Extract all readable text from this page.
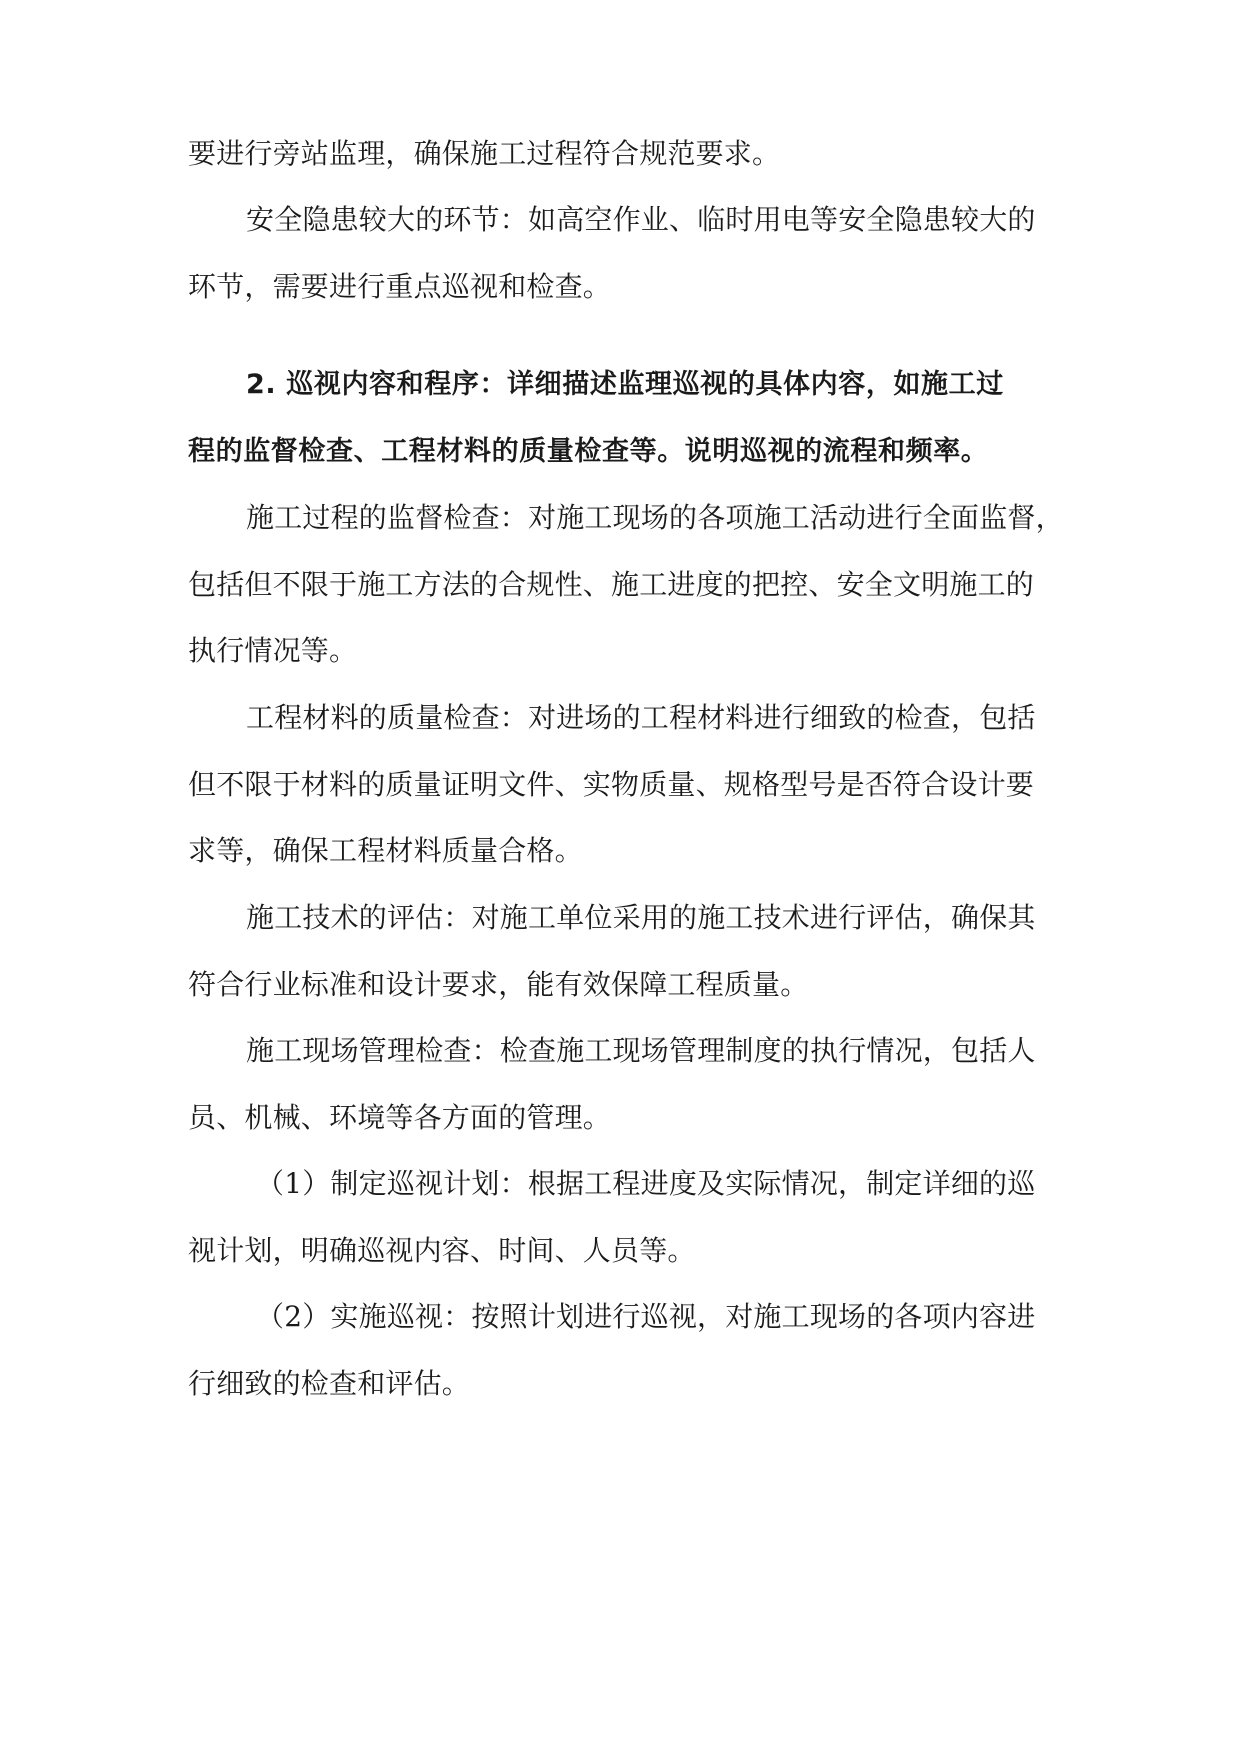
要进行旁站监理，确保施工过程符合规范要求。
安全隐患较大的环节：如高空作业、临时用电等安全隐患较大的
环节，需要进行重点巡视和检查。
2. 巡视内容和程序：详细描述监理巡视的具体内容，如施工过
程的监督检查、工程材料的质量检查等。说明巡视的流程和频率。
施工过程的监督检查：对施工现场的各项施工活动进行全面监督，
包括但不限于施工方法的合规性、施工进度的把控、安全文明施工的
执行情况等。
工程材料的质量检查：对进场的工程材料进行细致的检查，包括
但不限于材料的质量证明文件、实物质量、规格型号是否符合设计要
求等，确保工程材料质量合格。
施工技术的评估：对施工单位采用的施工技术进行评估，确保其
符合行业标准和设计要求，能有效保障工程质量。
施工现场管理检查：检查施工现场管理制度的执行情况，包括人
员、机械、环境等各方面的管理。
（1）制定巡视计划：根据工程进度及实际情况，制定详细的巡
视计划，明确巡视内容、时间、人员等。
（2）实施巡视：按照计划进行巡视，对施工现场的各项内容进
行细致的检查和评估。
